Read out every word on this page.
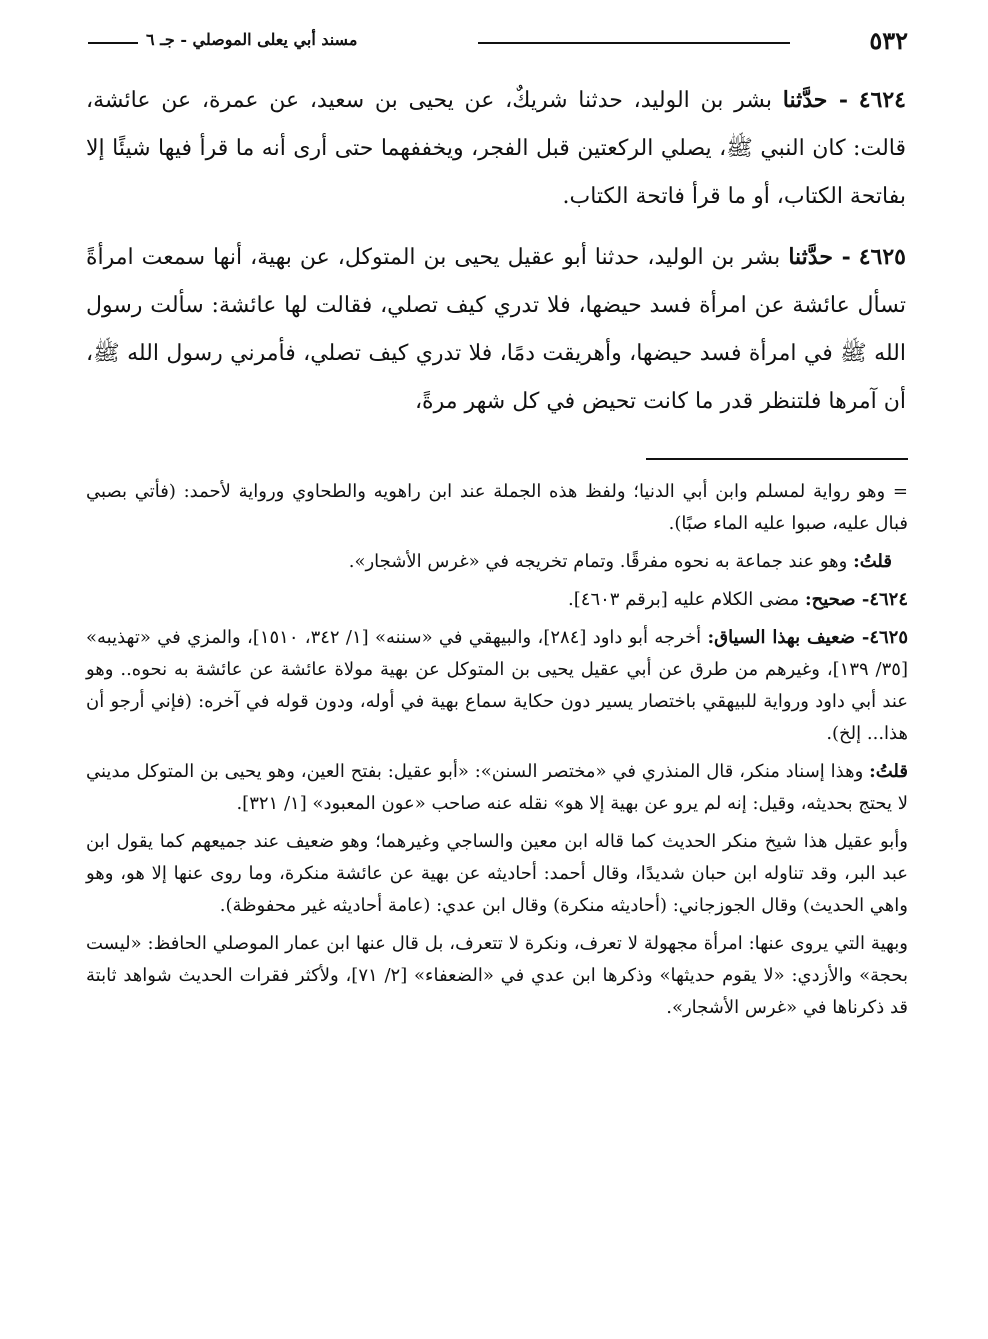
٥٣٢
مسند أبي يعلى الموصلي - جـ ٦

٤٦٢٤ - حدَّثنا بشر بن الوليد، حدثنا شريكٌ، عن يحيى بن سعيد، عن عمرة، عن عائشة، قالت: كان النبي ﷺ، يصلي الركعتين قبل الفجر، ويخففهما حتى أرى أنه ما قرأ فيها شيئًا إلا بفاتحة الكتاب، أو ما قرأ فاتحة الكتاب.

٤٦٢٥ - حدَّثنا بشر بن الوليد، حدثنا أبو عقيل يحيى بن المتوكل، عن بهية، أنها سمعت امرأةً تسأل عائشة عن امرأة فسد حيضها، فلا تدري كيف تصلي، فقالت لها عائشة: سألت رسول الله ﷺ في امرأة فسد حيضها، وأهريقت دمًا، فلا تدري كيف تصلي، فأمرني رسول الله ﷺ، أن آمرها فلتنظر قدر ما كانت تحيض في كل شهر مرةً،

= وهو رواية لمسلم وابن أبي الدنيا؛ ولفظ هذه الجملة عند ابن راهويه والطحاوي ورواية لأحمد: (فأتي بصبي فبال عليه، صبوا عليه الماء صبًا).

قلتُ: وهو عند جماعة به نحوه مفرقًا. وتمام تخريجه في «غرس الأشجار».

٤٦٢٤- صحيح: مضى الكلام عليه [برقم ٤٦٠٣].

٤٦٢٥- ضعيف بهذا السياق: أخرجه أبو داود [٢٨٤]، والبيهقي في «سننه» [١/ ٣٤٢، ١٥١٠]، والمزي في «تهذيبه» [٣٥/ ١٣٩]، وغيرهم من طرق عن أبي عقيل يحيى بن المتوكل عن بهية مولاة عائشة عن عائشة به نحوه.. وهو عند أبي داود ورواية للبيهقي باختصار يسير دون حكاية سماع بهية في أوله، ودون قوله في آخره: (فإني أرجو أن هذا... إلخ).

قلتُ: وهذا إسناد منكر، قال المنذري في «مختصر السنن»: «أبو عقيل: بفتح العين، وهو يحيى بن المتوكل مديني لا يحتج بحديثه، وقيل: إنه لم يرو عن بهية إلا هو» نقله عنه صاحب «عون المعبود» [١/ ٣٢١].

وأبو عقيل هذا شيخ منكر الحديث كما قاله ابن معين والساجي وغيرهما؛ وهو ضعيف عند جميعهم كما يقول ابن عبد البر، وقد تناوله ابن حبان شديدًا، وقال أحمد: أحاديثه عن بهية عن عائشة منكرة، وما روى عنها إلا هو، وهو واهي الحديث) وقال الجوزجاني: (أحاديثه منكرة) وقال ابن عدي: (عامة أحاديثه غير محفوظة).

وبهية التي يروى عنها: امرأة مجهولة لا تعرف، ونكرة لا تتعرف، بل قال عنها ابن عمار الموصلي الحافظ: «ليست بحجة» والأزدي: «لا يقوم حديثها» وذكرها ابن عدي في «الضعفاء» [٢/ ٧١]، ولأكثر فقرات الحديث شواهد ثابتة قد ذكرناها في «غرس الأشجار».
